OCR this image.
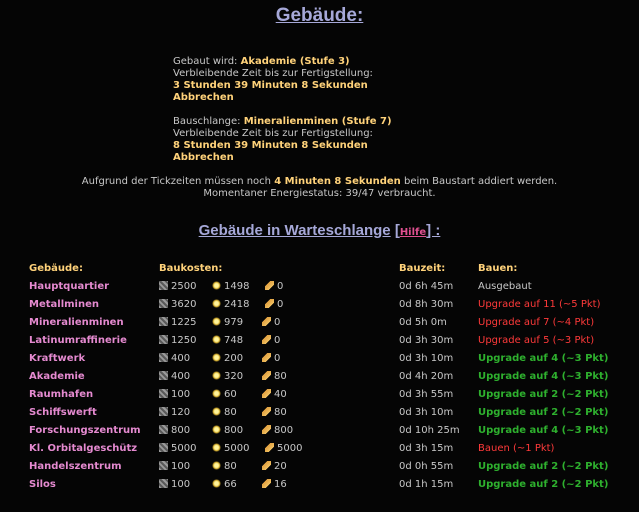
Gebäude:
Gebaut wird: Akademie (Stufe 3)
Verbleibende Zeit bis zur Fertigstellung:
3 Stunden 39 Minuten 8 Sekunden
Abbrechen
Bauschlange: Mineralienminen (Stufe 7)
Verbleibende Zeit bis zur Fertigstellung:
8 Stunden 39 Minuten 8 Sekunden
Abbrechen
Aufgrund der Tickzeiten müssen noch 4 Minuten 8 Sekunden beim Baustart addiert werden.
Momentaner Energiestatus: 39/47 verbraucht.
Gebäude in Warteschlange [Hilfe] :
Gebäude:	Baukosten:	Bauzeit:	Bauen:
Hauptquartier	2500	1498	0	0d 6h 45m Ausgebaut
Metallminen	3620	2418	0	0d 8h 30m Upgrade auf 11 (~5 Pkt)
Mineralienminen	1225	979	0	0d 5h 0m	Upgrade auf 7 (~4 Pkt)
Latinumraffinerie	1250	748	0	0d 3h 30m Upgrade auf 5 (~3 Pkt)
Kraftwerk	400	200	0	0d 3h 10m Upgrade auf 4 (~3 Pkt)
Akademie	400	320	80	0d 4h 20m Upgrade auf 4 (~3 Pkt)
Raumhafen	100	60	40	0d 3h 55m Upgrade auf 2 (~2 Pkt)
Schiffswerft	120	80	80	0d 3h 10m Upgrade auf 2 (~2 Pkt)
Forschungszentrum	800	800	800	0d 10h 25m Upgrade auf 4 (~3 Pkt)
Kl. Orbitalgeschütz	5000	5000	5000	0d 3h 15m Bauen (~1 Pkt)
Handelszentrum	100	80	20	0d 0h 55m Upgrade auf 2 (~2 Pkt)
Silos	100	66	16	0d 1h 15m Upgrade auf 2 (~2 Pkt)
